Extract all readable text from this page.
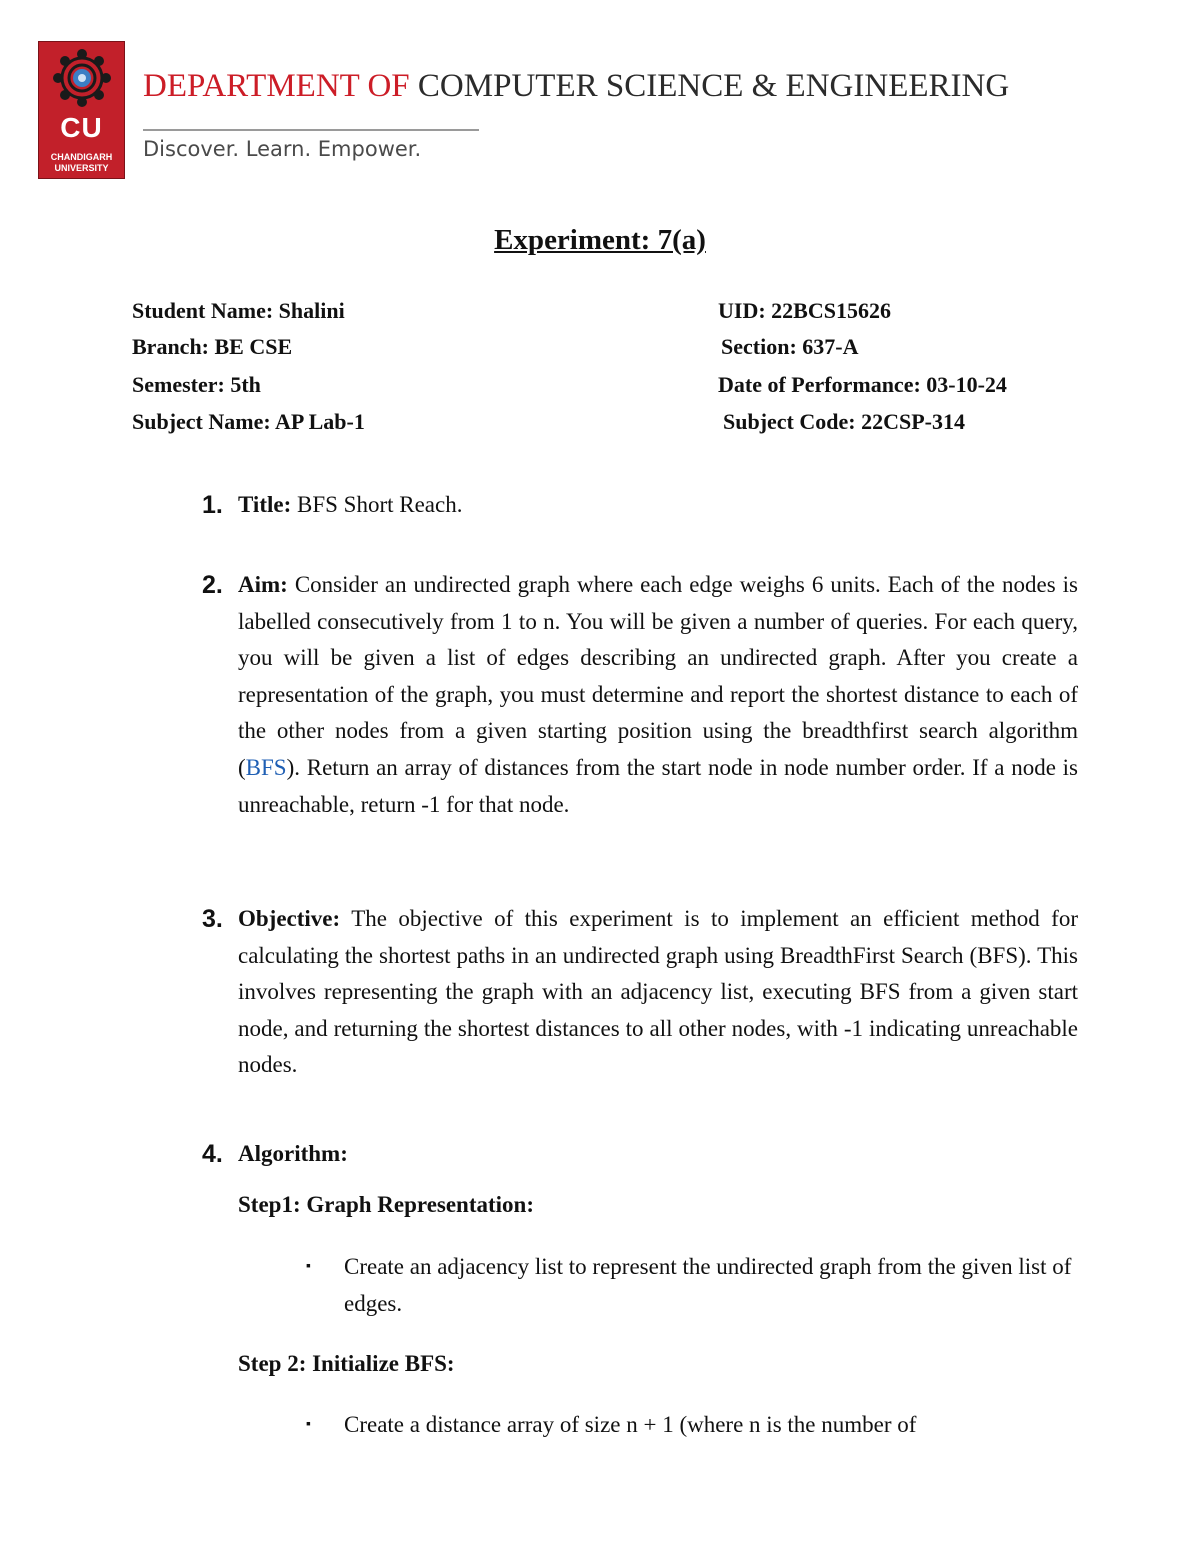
CU
CHANDIGARH
UNIVERSITY
DEPARTMENT OF COMPUTER SCIENCE & ENGINEERING
Discover. Learn. Empower.
Experiment: 7(a)
Student Name: Shalini	UID: 22BCS15626
Branch: BE CSE	Section: 637-A
Semester: 5th	Date of Performance: 03-10-24
Subject Name: AP Lab-1	Subject Code: 22CSP-314
1. Title: BFS Short Reach.
2. Aim: Consider an undirected graph where each edge weighs 6 units. Each of the nodes is labelled consecutively from 1 to n. You will be given a number of queries. For each query, you will be given a list of edges describing an undirected graph. After you create a representation of the graph, you must determine and report the shortest distance to each of the other nodes from a given starting position using the breadthfirst search algorithm (BFS). Return an array of distances from the start node in node number order. If a node is unreachable, return -1 for that node.
3. Objective: The objective of this experiment is to implement an efficient method for calculating the shortest paths in an undirected graph using BreadthFirst Search (BFS). This involves representing the graph with an adjacency list, executing BFS from a given start node, and returning the shortest distances to all other nodes, with -1 indicating unreachable nodes.
4. Algorithm:
Step1: Graph Representation:
▪ Create an adjacency list to represent the undirected graph from the given list of edges.
Step 2: Initialize BFS:
▪ Create a distance array of size n + 1 (where n is the number of
